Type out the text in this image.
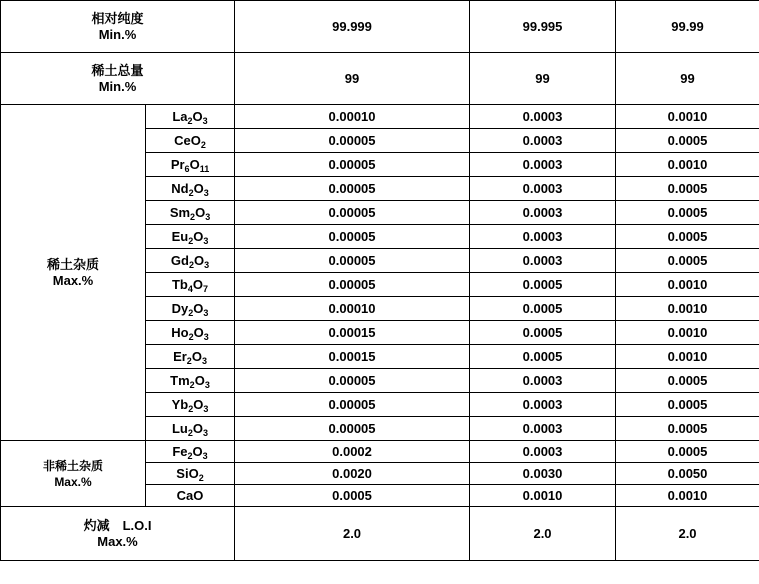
相对纯度
Min.%		99.999	99.995	99.99

稀土总量
Min.%		99	99	99

稀土杂质
Max.%	$La_2O_3$	0.00010	0.0003	0.0010
	CeO$_2$	0.00005	0.0003	0.0005
	$Pr_6O_{11}$	0.00005	0.0003	0.0010
	$Nd_2O_3$	0.00005	0.0003	0.0005
	$Sm_2O_3$	0.00005	0.0003	0.0005
	$Eu_2O_3$	0.00005	0.0003	0.0005
	$Gd_2O_3$	0.00005	0.0003	0.0005
	$Tb_4O_7$	0.00005	0.0005	0.0010
	$Dy_2O_3$	0.00010	0.0005	0.0010
	$Ho_2O_3$	0.00015	0.0005	0.0010
	$Er_2O_3$	0.00015	0.0005	0.0010
	$Tm_2O_3$	0.00005	0.0003	0.0005
	$Yb_2O_3$	0.00005	0.0003	0.0005
	$Lu_2O_3$	0.00005	0.0003	0.0005

非稀土杂质
Max.%	$Fe_2O_3$	0.0002	0.0003	0.0005
	SiO$_2$	0.0020	0.0030	0.0050
	CaO	0.0005	0.0010	0.0010

灼减　L.O.I
Max.%		2.0	2.0	2.0
